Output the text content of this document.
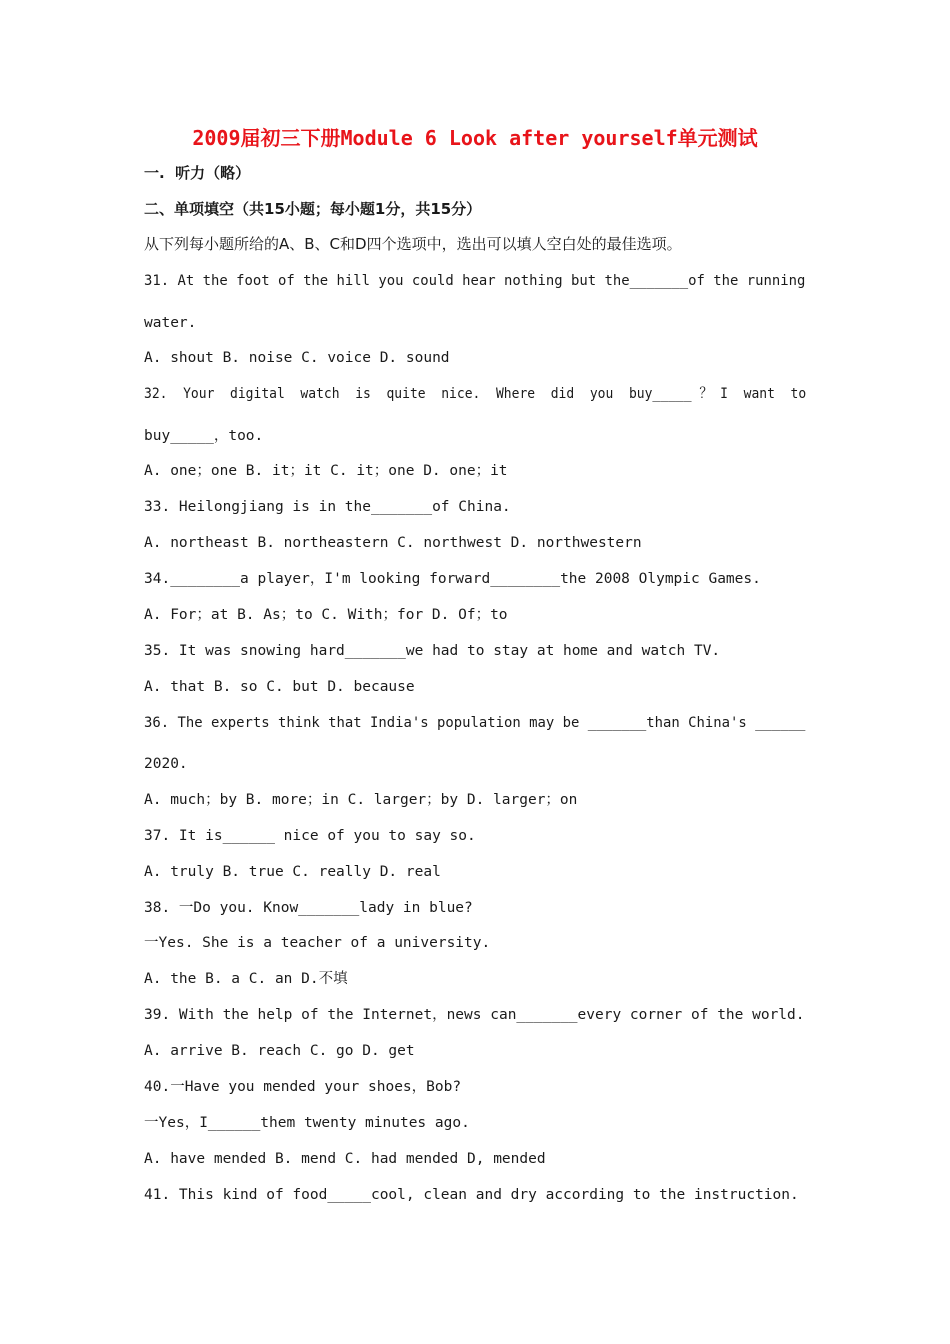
2009届初三下册Module 6 Look after yourself单元测试
一.  听力（略）
二、单项填空（共15小题；每小题1分，共15分）
从下列每小题所给的A、B、C和D四个选项中，选出可以填人空白处的最佳选项。
31. At the foot of the hill you could hear nothing but the_______of the running
water.
A. shout B. noise C. voice D. sound
32.  Your  digital  watch  is  quite  nice.  Where  did  you  buy_____ ？ I  want  to
buy_____，too.
A. one；one B. it；it C. it；one D. one；it
33. Heilongjiang is in the_______of China.
A. northeast B. northeastern C. northwest D. northwestern
34.________a player，I'm looking forward________the 2008 Olympic Games.
A. For；at B. As；to C. With；for D. Of；to
35. It was snowing hard_______we had to stay at home and watch TV.
A. that B. so C. but D. because
36. The experts think that India's population may be _______than China's ______
2020.
A. much；by B. more；in C. larger；by D. larger；on
37. It is______ nice of you to say so.
A. truly B. true C. really D. real
38. 一Do you. Know_______lady in blue?
一Yes. She is a teacher of a university.
A. the B. a C. an D.不填
39. With the help of the Internet，news can_______every corner of the world.
A. arrive B. reach C. go D. get
40.一Have you mended your shoes，Bob?
一Yes，I______them twenty minutes ago.
A. have mended B. mend C. had mended D, mended
41. This kind of food_____cool, clean and dry according to the instruction.
